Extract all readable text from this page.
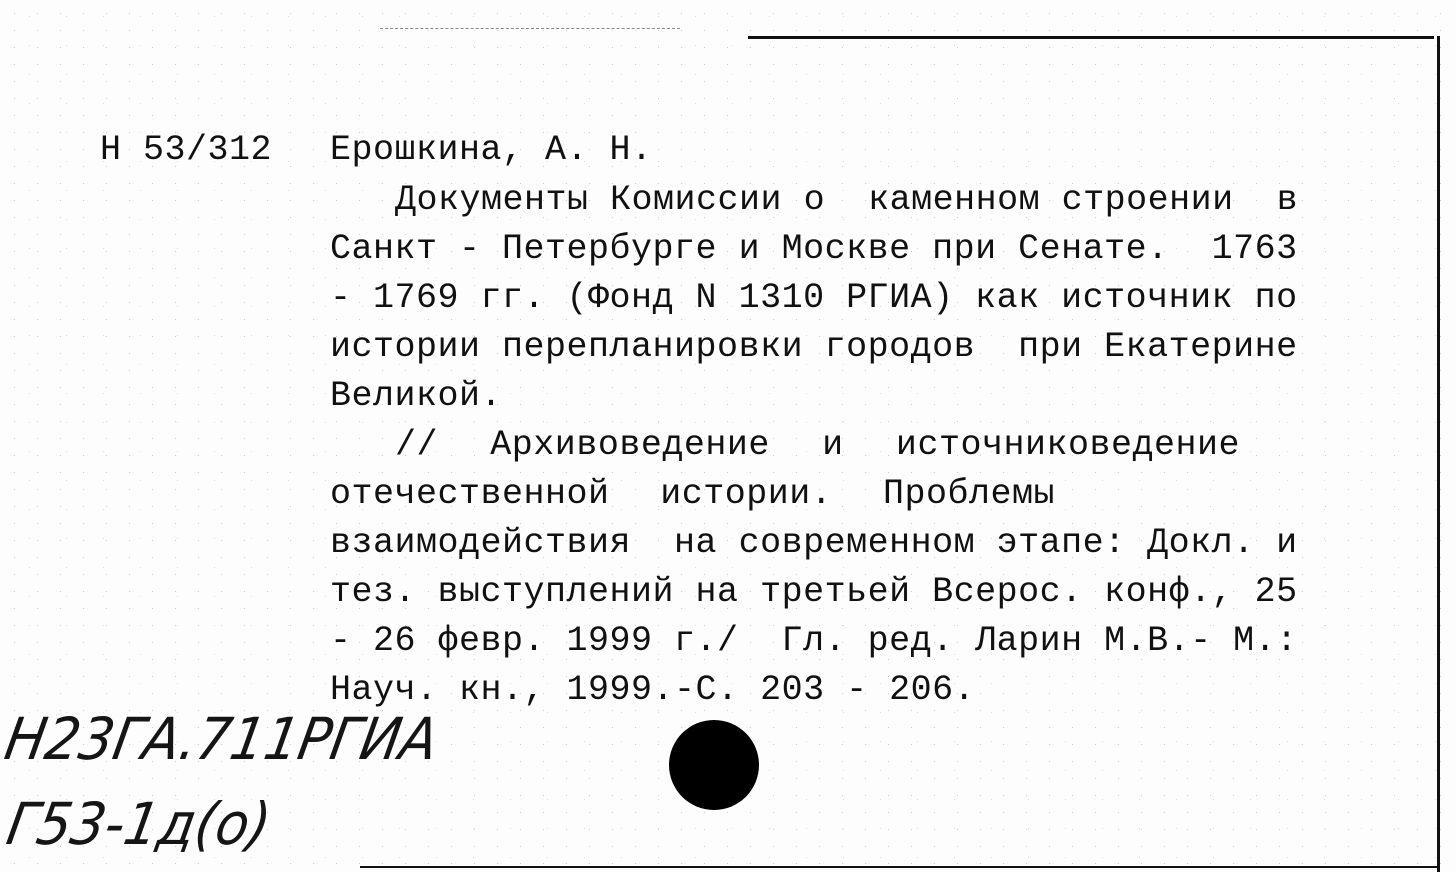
Н 53/312 Ерошкина, А. Н.
Документы Комиссии о  каменном строении  в
Санкт - Петербурге и Москве при Сенате.  1763
- 1769 гг. (Фонд N 1310 РГИА) как источник по
истории перепланировки городов  при Екатерине
Великой.
//  Архивоведение  и  источниковедение
отечественной  истории.  Проблемы
взаимодействия  на современном этапе: Докл. и
тез. выступлений на третьей Всерос. конф., 25
- 26 февр. 1999 г./  Гл. ред. Ларин М.В.- М.:
Науч. кн., 1999.-С. 203 - 206.
Н23ГА.711РГИА
Г53-1д(о)
